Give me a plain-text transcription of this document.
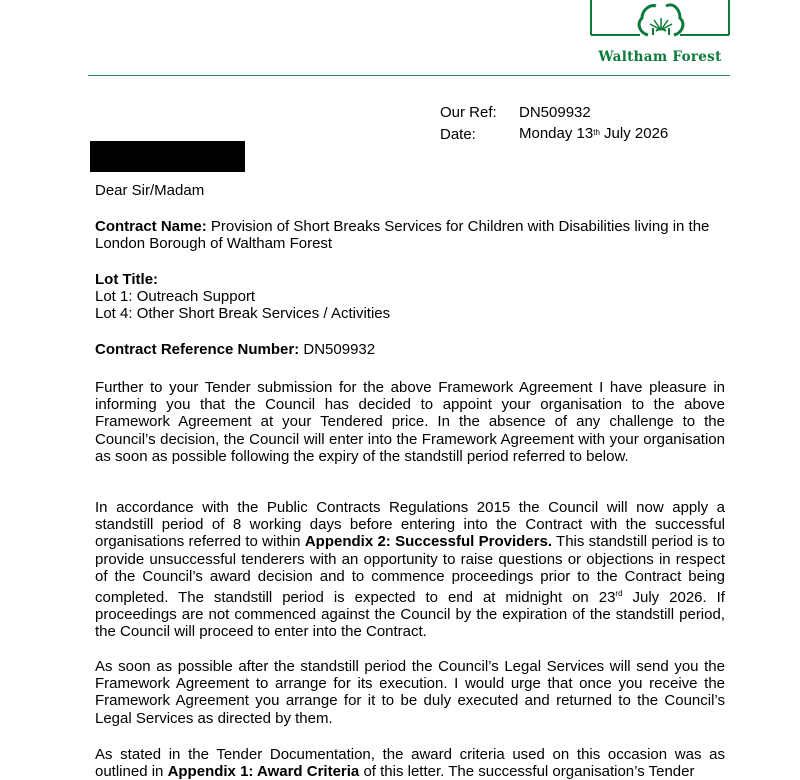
Waltham Forest
Our Ref: DN509932
Date:	Monday 13th July 2026
Dear Sir/Madam
Contract Name: Provision of Short Breaks Services for Children with Disabilities living in the London Borough of Waltham Forest
Lot Title:
Lot 1: Outreach Support
Lot 4: Other Short Break Services / Activities
Contract Reference Number: DN509932
Further to your Tender submission for the above Framework Agreement I have pleasure in informing you that the Council has decided to appoint your organisation to the above Framework Agreement at your Tendered price. In the absence of any challenge to the Council’s decision, the Council will enter into the Framework Agreement with your organisation as soon as possible following the expiry of the standstill period referred to below.
In accordance with the Public Contracts Regulations 2015 the Council will now apply a standstill period of 8 working days before entering into the Contract with the successful organisations referred to within Appendix 2: Successful Providers. This standstill period is to provide unsuccessful tenderers with an opportunity to raise questions or objections in respect of the Council’s award decision and to commence proceedings prior to the Contract being completed. The standstill period is expected to end at midnight on 23rd July 2026. If proceedings are not commenced against the Council by the expiration of the standstill period, the Council will proceed to enter into the Contract.
As soon as possible after the standstill period the Council’s Legal Services will send you the Framework Agreement to arrange for its execution. I would urge that once you receive the Framework Agreement you arrange for it to be duly executed and returned to the Council’s Legal Services as directed by them.
As stated in the Tender Documentation, the award criteria used on this occasion was as outlined in Appendix 1: Award Criteria of this letter. The successful organisation’s Tender
